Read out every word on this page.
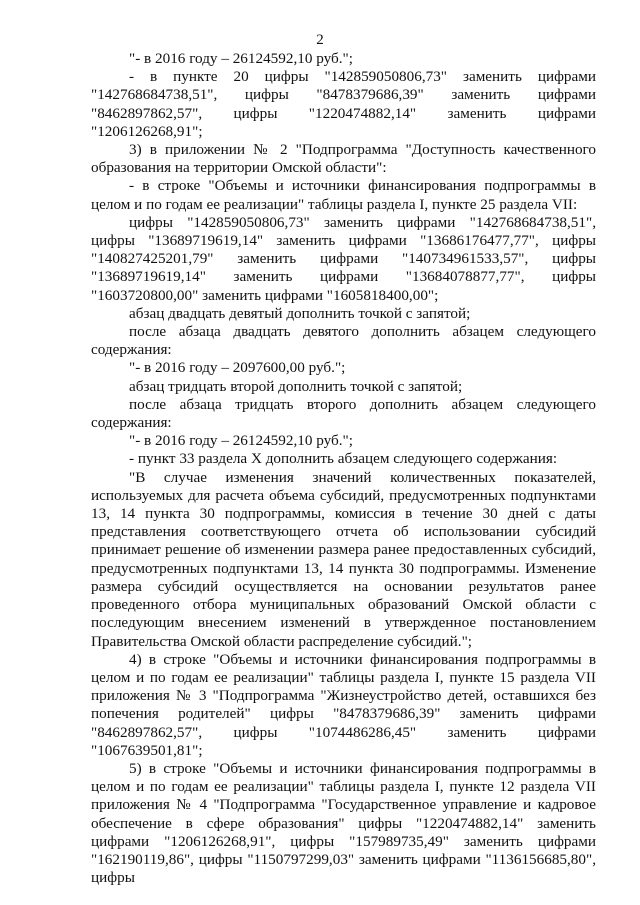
2

"- в 2016 году – 26124592,10 руб.";

- в пункте 20 цифры "142859050806,73" заменить цифрами "142768684738,51", цифры "8478379686,39" заменить цифрами "8462897862,57", цифры "1220474882,14" заменить цифрами "1206126268,91";

3) в приложении № 2 "Подпрограмма "Доступность качественного образования на территории Омской области":

- в строке "Объемы и источники финансирования подпрограммы в целом и по годам ее реализации" таблицы раздела I, пункте 25 раздела VII:

цифры "142859050806,73" заменить цифрами "142768684738,51", цифры "13689719619,14" заменить цифрами "13686176477,77", цифры "140827425201,79" заменить цифрами "140734961533,57", цифры "13689719619,14" заменить цифрами "13684078877,77", цифры "1603720800,00" заменить цифрами "1605818400,00";

абзац двадцать девятый дополнить точкой с запятой;

после абзаца двадцать девятого дополнить абзацем следующего содержания:

"- в 2016 году – 2097600,00 руб.";

абзац тридцать второй дополнить точкой с запятой;

после абзаца тридцать второго дополнить абзацем следующего содержания:

"- в 2016 году – 26124592,10 руб.";

- пункт 33 раздела X дополнить абзацем следующего содержания:

"В случае изменения значений количественных показателей, используемых для расчета объема субсидий, предусмотренных подпунктами 13, 14 пункта 30 подпрограммы, комиссия в течение 30 дней с даты представления соответствующего отчета об использовании субсидий принимает решение об изменении размера ранее предоставленных субсидий, предусмотренных подпунктами 13, 14 пункта 30 подпрограммы. Изменение размера субсидий осуществляется на основании результатов ранее проведенного отбора муниципальных образований Омской области с последующим внесением изменений в утвержденное постановлением Правительства Омской области распределение субсидий.";

4) в строке "Объемы и источники финансирования подпрограммы в целом и по годам ее реализации" таблицы раздела I, пункте 15 раздела VII приложения № 3 "Подпрограмма "Жизнеустройство детей, оставшихся без попечения родителей" цифры "8478379686,39" заменить цифрами "8462897862,57", цифры "1074486286,45" заменить цифрами "1067639501,81";

5) в строке "Объемы и источники финансирования подпрограммы в целом и по годам ее реализации" таблицы раздела I, пункте 12 раздела VII приложения № 4 "Подпрограмма "Государственное управление и кадровое обеспечение в сфере образования" цифры "1220474882,14" заменить цифрами "1206126268,91", цифры "157989735,49" заменить цифрами "162190119,86", цифры "1150797299,03" заменить цифрами "1136156685,80", цифры
